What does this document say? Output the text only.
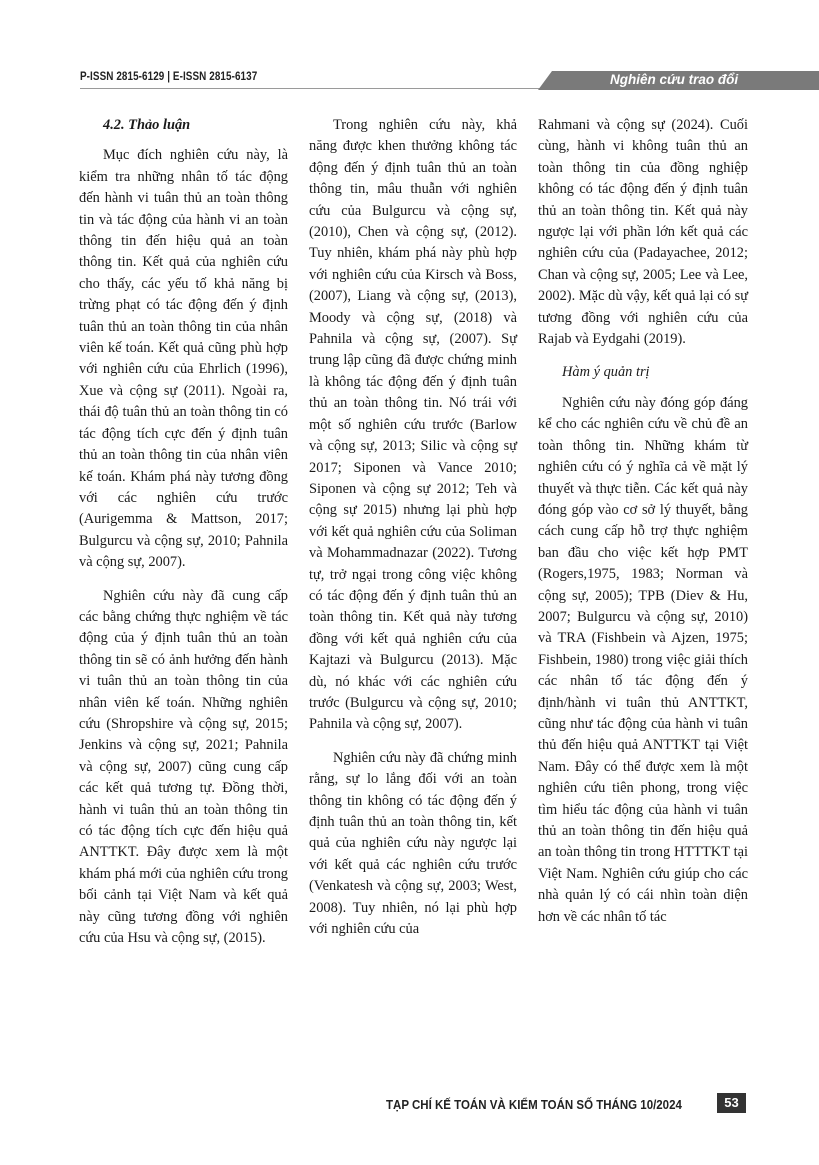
P-ISSN 2815-6129 | E-ISSN 2815-6137	Nghiên cứu trao đổi
4.2. Thảo luận

Mục đích nghiên cứu này, là kiểm tra những nhân tố tác động đến hành vi tuân thủ an toàn thông tin và tác động của hành vi an toàn thông tin đến hiệu quả an toàn thông tin. Kết quả của nghiên cứu cho thấy, các yếu tố khả năng bị trừng phạt có tác động đến ý định tuân thủ an toàn thông tin của nhân viên kế toán. Kết quả cũng phù hợp với nghiên cứu của Ehrlich (1996), Xue và cộng sự (2011). Ngoài ra, thái độ tuân thủ an toàn thông tin có tác động tích cực đến ý định tuân thủ an toàn thông tin của nhân viên kế toán. Khám phá này tương đồng với các nghiên cứu trước (Aurigemma & Mattson, 2017; Bulgurcu và cộng sự, 2010; Pahnila và cộng sự, 2007).

Nghiên cứu này đã cung cấp các bằng chứng thực nghiệm về tác động của ý định tuân thủ an toàn thông tin sẽ có ảnh hưởng đến hành vi tuân thủ an toàn thông tin của nhân viên kế toán. Những nghiên cứu (Shropshire và cộng sự, 2015; Jenkins và cộng sự, 2021; Pahnila và cộng sự, 2007) cũng cung cấp các kết quả tương tự. Đồng thời, hành vi tuân thủ an toàn thông tin có tác động tích cực đến hiệu quả ANTTKT. Đây được xem là một khám phá mới của nghiên cứu trong bối cảnh tại Việt Nam và kết quả này cũng tương đồng với nghiên cứu của Hsu và cộng sự, (2015).

Trong nghiên cứu này, khả năng được khen thưởng không tác động đến ý định tuân thủ an toàn thông tin, mâu thuẫn với nghiên cứu của Bulgurcu và cộng sự, (2010), Chen và cộng sự, (2012). Tuy nhiên, khám phá này phù hợp với nghiên cứu của Kirsch và Boss, (2007), Liang và cộng sự, (2013), Moody và cộng sự, (2018) và Pahnila và cộng sự, (2007). Sự trung lập cũng đã được chứng minh là không tác động đến ý định tuân thủ an toàn thông tin. Nó trái với một số nghiên cứu trước (Barlow và cộng sự, 2013; Silic và cộng sự 2017; Siponen và Vance 2010; Siponen và cộng sự 2012; Teh và cộng sự 2015) nhưng lại phù hợp với kết quả nghiên cứu của Soliman và Mohammadnazar (2022). Tương tự, trở ngại trong công việc không có tác động đến ý định tuân thủ an toàn thông tin. Kết quả này tương đồng với kết quả nghiên cứu của Kajtazi và Bulgurcu (2013). Mặc dù, nó khác với các nghiên cứu trước (Bulgurcu và cộng sự, 2010; Pahnila và cộng sự, 2007).

Nghiên cứu này đã chứng minh rằng, sự lo lắng đối với an toàn thông tin không có tác động đến ý định tuân thủ an toàn thông tin, kết quả của nghiên cứu này ngược lại với kết quả các nghiên cứu trước (Venkatesh và cộng sự, 2003; West, 2008). Tuy nhiên, nó lại phù hợp với nghiên cứu của

Rahmani và cộng sự (2024). Cuối cùng, hành vi không tuân thủ an toàn thông tin của đồng nghiệp không có tác động đến ý định tuân thủ an toàn thông tin. Kết quả này ngược lại với phần lớn kết quả các nghiên cứu của (Padayachee, 2012; Chan và cộng sự, 2005; Lee và Lee, 2002). Mặc dù vậy, kết quả lại có sự tương đồng với nghiên cứu của Rajab và Eydgahi (2019).

Hàm ý quản trị

Nghiên cứu này đóng góp đáng kể cho các nghiên cứu về chủ đề an toàn thông tin. Những khám từ nghiên cứu có ý nghĩa cả về mặt lý thuyết và thực tiễn. Các kết quả này đóng góp vào cơ sở lý thuyết, bằng cách cung cấp hỗ trợ thực nghiệm ban đầu cho việc kết hợp PMT (Rogers,1975, 1983; Norman và cộng sự, 2005); TPB (Diev & Hu, 2007; Bulgurcu và cộng sự, 2010) và TRA (Fishbein và Ajzen, 1975; Fishbein, 1980) trong việc giải thích các nhân tố tác động đến ý định/hành vi tuân thủ ANTTKT, cũng như tác động của hành vi tuân thủ đến hiệu quả ANTTKT tại Việt Nam. Đây có thể được xem là một nghiên cứu tiên phong, trong việc tìm hiểu tác động của hành vi tuân thủ an toàn thông tin đến hiệu quả an toàn thông tin trong HTTTKT tại Việt Nam. Nghiên cứu giúp cho các nhà quản lý có cái nhìn toàn diện hơn về các nhân tố tác

TẠP CHÍ KẾ TOÁN VÀ KIỂM TOÁN SỐ THÁNG 10/2024	53
